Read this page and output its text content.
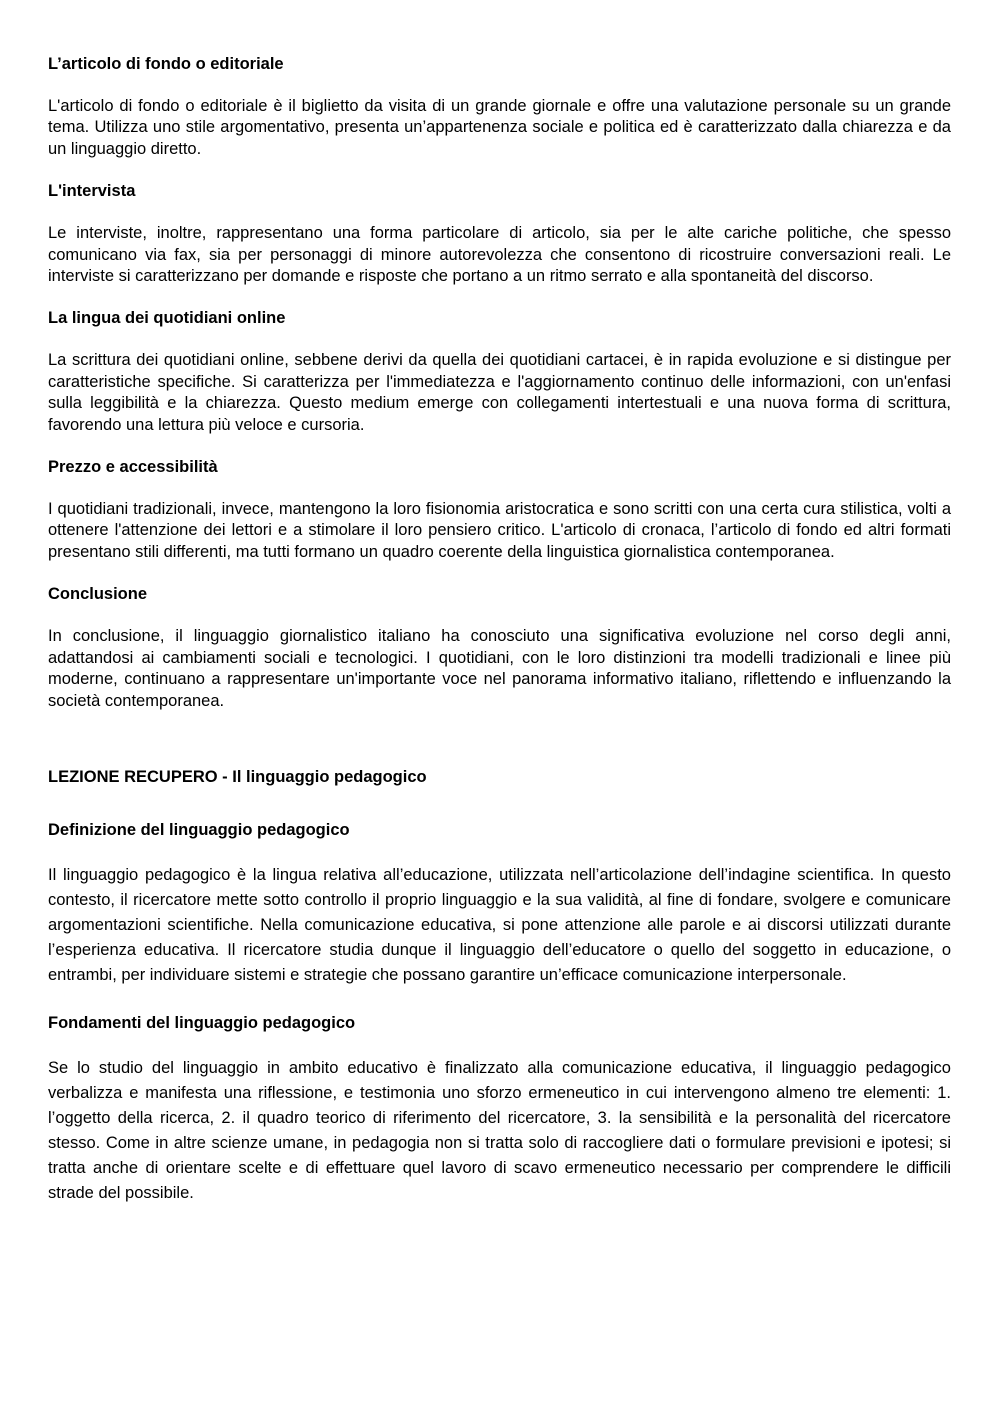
L’articolo di fondo o editoriale

L'articolo di fondo o editoriale è il biglietto da visita di un grande giornale e offre una valutazione personale su un grande tema. Utilizza uno stile argomentativo, presenta un’appartenenza sociale e politica ed è caratterizzato dalla chiarezza e da un linguaggio diretto.

L'intervista

Le interviste, inoltre, rappresentano una forma particolare di articolo, sia per le alte cariche politiche, che spesso comunicano via fax, sia per personaggi di minore autorevolezza che consentono di ricostruire conversazioni reali. Le interviste si caratterizzano per domande e risposte che portano a un ritmo serrato e alla spontaneità del discorso.

La lingua dei quotidiani online

La scrittura dei quotidiani online, sebbene derivi da quella dei quotidiani cartacei, è in rapida evoluzione e si distingue per caratteristiche specifiche. Si caratterizza per l'immediatezza e l'aggiornamento continuo delle informazioni, con un'enfasi sulla leggibilità e la chiarezza. Questo medium emerge con collegamenti intertestuali e una nuova forma di scrittura, favorendo una lettura più veloce e cursoria.

Prezzo e accessibilità

I quotidiani tradizionali, invece, mantengono la loro fisionomia aristocratica e sono scritti con una certa cura stilistica, volti a ottenere l'attenzione dei lettori e a stimolare il loro pensiero critico. L'articolo di cronaca, l’articolo di fondo ed altri formati presentano stili differenti, ma tutti formano un quadro coerente della linguistica giornalistica contemporanea.

Conclusione

In conclusione, il linguaggio giornalistico italiano ha conosciuto una significativa evoluzione nel corso degli anni, adattandosi ai cambiamenti sociali e tecnologici. I quotidiani, con le loro distinzioni tra modelli tradizionali e linee più moderne, continuano a rappresentare un'importante voce nel panorama informativo italiano, riflettendo e influenzando la società contemporanea.

LEZIONE RECUPERO - Il linguaggio pedagogico
Definizione del linguaggio pedagogico

Il linguaggio pedagogico è la lingua relativa all’educazione, utilizzata nell’articolazione dell’indagine scientifica. In questo contesto, il ricercatore mette sotto controllo il proprio linguaggio e la sua validità, al fine di fondare, svolgere e comunicare argomentazioni scientifiche. Nella comunicazione educativa, si pone attenzione alle parole e ai discorsi utilizzati durante l’esperienza educativa. Il ricercatore studia dunque il linguaggio dell’educatore o quello del soggetto in educazione, o entrambi, per individuare sistemi e strategie che possano garantire un’efficace comunicazione interpersonale.

Fondamenti del linguaggio pedagogico

Se lo studio del linguaggio in ambito educativo è finalizzato alla comunicazione educativa, il linguaggio pedagogico verbalizza e manifesta una riflessione, e testimonia uno sforzo ermeneutico in cui intervengono almeno tre elementi: 1. l’oggetto della ricerca, 2. il quadro teorico di riferimento del ricercatore, 3. la sensibilità e la personalità del ricercatore stesso. Come in altre scienze umane, in pedagogia non si tratta solo di raccogliere dati o formulare previsioni e ipotesi; si tratta anche di orientare scelte e di effettuare quel lavoro di scavo ermeneutico necessario per comprendere le difficili strade del possibile.
